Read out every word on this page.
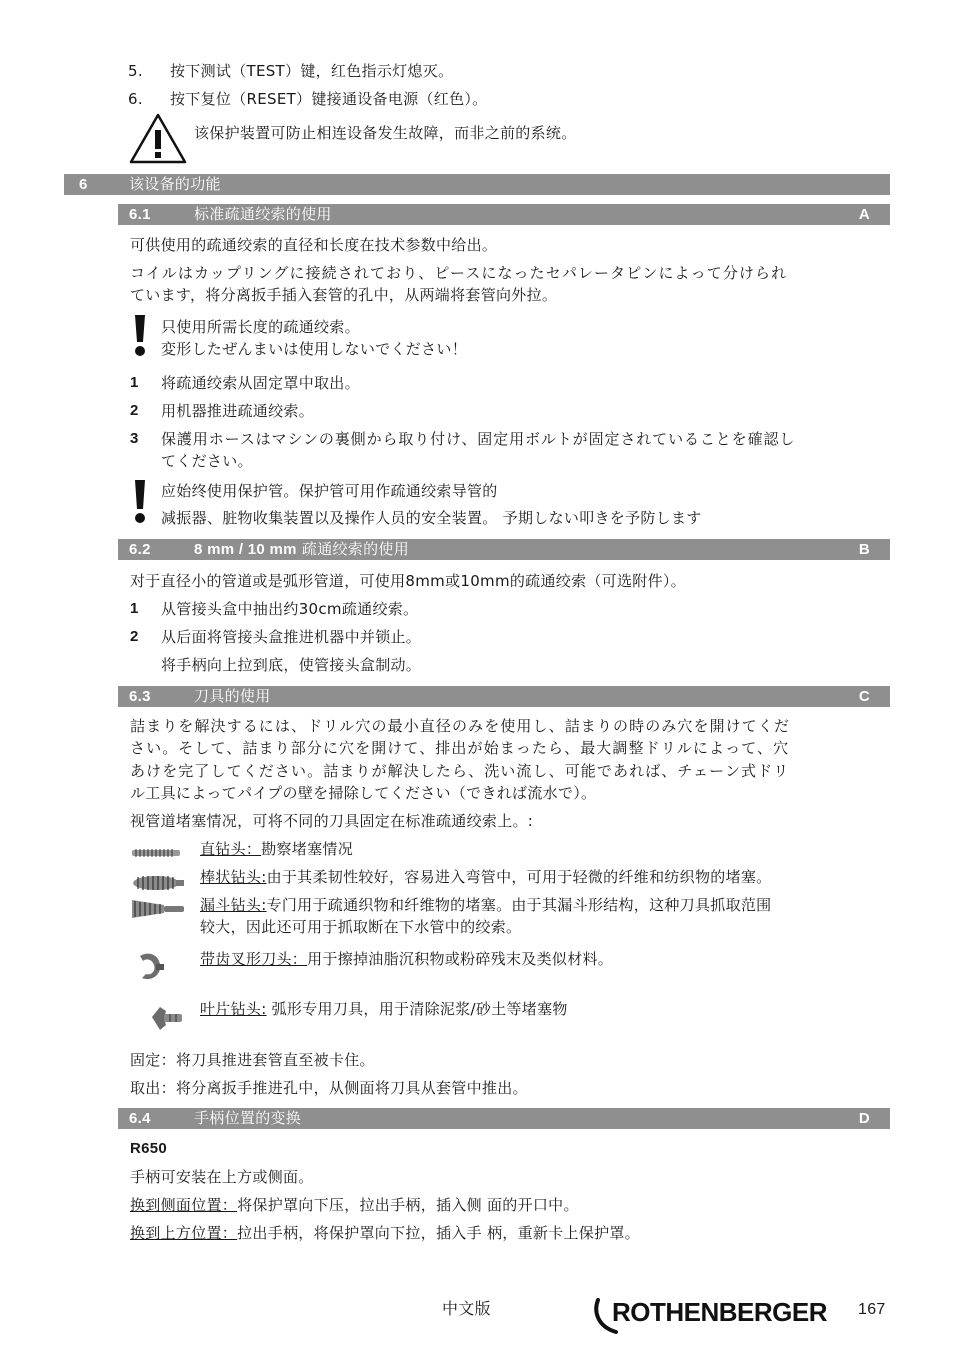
5. 按下测试（TEST）键，红色指示灯熄灭。
6. 按下复位（RESET）键接通设备电源（红色）。
该保护装置可防止相连设备发生故障，而非之前的系统。
6	该设备的功能
6.1	标准疏通绞索的使用	A
可供使用的疏通绞索的直径和长度在技术参数中给出。
コイルはカップリングに接続されており、ピースになったセパレータピンによって分けられ
ています，将分离扳手插入套管的孔中，从两端将套管向外拉。
只使用所需长度的疏通绞索。
変形したぜんまいは使用しないでください！
1 将疏通绞索从固定罩中取出。
2 用机器推进疏通绞索。
3 保護用ホースはマシンの裏側から取り付け、固定用ボルトが固定されていることを確認し
てください。
应始终使用保护管。保护管可用作疏通绞索导管的
减振器、脏物收集装置以及操作人员的安全装置。 予期しない叩きを予防します
6.2	8 mm / 10 mm 疏通绞索的使用	B
对于直径小的管道或是弧形管道，可使用8mm或10mm的疏通绞索（可选附件）。
1 从管接头盒中抽出约30cm疏通绞索。
2 从后面将管接头盒推进机器中并锁止。
将手柄向上拉到底，使管接头盒制动。
6.3	刀具的使用	C
詰まりを解決するには、ドリル穴の最小直径のみを使用し、詰まりの時のみ穴を開けてくだ
さい。そして、詰まり部分に穴を開けて、排出が始まったら、最大調整ドリルによって、穴
あけを完了してください。詰まりが解決したら、洗い流し、可能であれば、チェーン式ドリ
ル工具によってパイプの壁を掃除してください（できれば流水で）。
视管道堵塞情况，可将不同的刀具固定在标准疏通绞索上。:
直钻头：勘察堵塞情况
棒状钻头:由于其柔韧性较好，容易进入弯管中，可用于轻微的纤维和纺织物的堵塞。
漏斗钻头:专门用于疏通织物和纤维物的堵塞。由于其漏斗形结构，这种刀具抓取范围
较大，因此还可用于抓取断在下水管中的绞索。
带齿叉形刀头：用于擦掉油脂沉积物或粉碎残末及类似材料。
叶片钻头: 弧形专用刀具，用于清除泥浆/砂土等堵塞物
固定：将刀具推进套管直至被卡住。
取出：将分离扳手推进孔中，从侧面将刀具从套管中推出。
6.4	手柄位置的变换	D
R650
手柄可安装在上方或侧面。
换到侧面位置：将保护罩向下压，拉出手柄，插入侧 面的开口中。
换到上方位置：拉出手柄，将保护罩向下拉，插入手 柄，重新卡上保护罩。
中文版	ROTHENBERGER 167
